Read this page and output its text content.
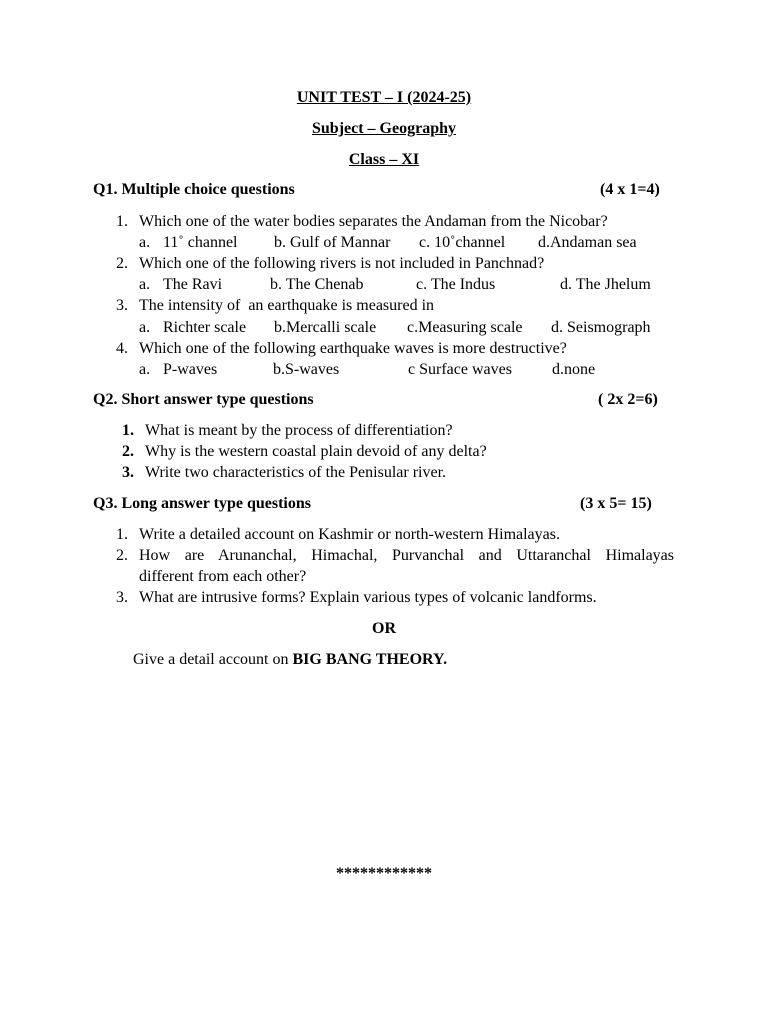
UNIT TEST – I (2024-25)
Subject – Geography
Class – XI
Q1. Multiple choice questions	(4 x 1=4)
1. Which one of the water bodies separates the Andaman from the Nicobar?
a. 11˚ channel b. Gulf of Mannar c. 10˚channel d.Andaman sea
2. Which one of the following rivers is not included in Panchnad?
a. The Ravi	b. The Chenab	c. The Indus	d. The Jhelum
3. The intensity of  an earthquake is measured in
a. Richter scale b.Mercalli scale c.Measuring scale d. Seismograph
4. Which one of the following earthquake waves is more destructive?
a. P-waves	b.S-waves	c Surface waves	d.none
Q2. Short answer type questions	( 2x 2=6)
1. What is meant by the process of differentiation?
2. Why is the western coastal plain devoid of any delta?
3. Write two characteristics of the Penisular river.
Q3. Long answer type questions	(3 x 5= 15)
1. Write a detailed account on Kashmir or north-western Himalayas.
2. How are Arunanchal, Himachal, Purvanchal and Uttaranchal Himalayas
different from each other?
3. What are intrusive forms? Explain various types of volcanic landforms.
OR
Give a detail account on BIG BANG THEORY.
************
